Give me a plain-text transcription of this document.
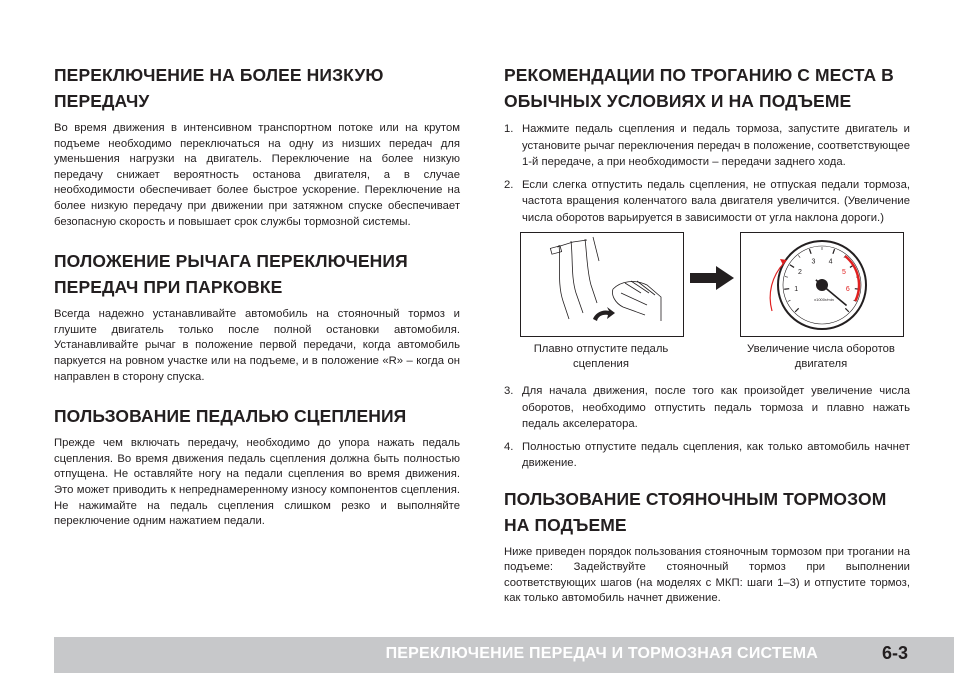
ПЕРЕКЛЮЧЕНИЕ НА БОЛЕЕ НИЗКУЮ ПЕРЕДАЧУ

Во время движения в интенсивном транспортном потоке или на крутом подъеме необходимо переключаться на одну из низших передач для уменьшения нагрузки на двигатель. Переключение на более низкую передачу снижает вероятность останова двигателя, а в случае необходимости обеспечивает более быстрое ускорение. Переключение на более низкую передачу при движении при затяжном спуске обеспечивает безопасную скорость и повышает срок службы тормозной системы.

ПОЛОЖЕНИЕ РЫЧАГА ПЕРЕКЛЮЧЕНИЯ ПЕРЕДАЧ ПРИ ПАРКОВКЕ

Всегда надежно устанавливайте автомобиль на стояночный тормоз и глушите двигатель только после полной остановки автомобиля. Устанавливайте рычаг в положение первой передачи, когда автомобиль паркуется на ровном участке или на подъеме, и в положение «R» – когда он направлен в сторону спуска.

ПОЛЬЗОВАНИЕ ПЕДАЛЬЮ СЦЕПЛЕНИЯ

Прежде чем включать передачу, необходимо до упора нажать педаль сцепления. Во время движения педаль сцепления должна быть полностью отпущена. Не оставляйте ногу на педали сцепления во время движения. Это может приводить к непреднамеренному износу компонентов сцепления. Не нажимайте на педаль сцепления слишком резко и выполняйте переключение одним нажатием педали.

РЕКОМЕНДАЦИИ ПО ТРОГАНИЮ С МЕСТА В ОБЫЧНЫХ УСЛОВИЯХ И НА ПОДЪЕМЕ
1. Нажмите педаль сцепления и педаль тормоза, запустите двигатель и установите рычаг переключения передач в положение, соответствующее 1-й передаче, а при необходимости – передачи заднего хода.
2. Если слегка отпустить педаль сцепления, не отпуская педали тормоза, частота вращения коленчатого вала двигателя увеличится. (Увеличение числа оборотов варьируется в зависимости от угла наклона дороги.)
1
2
3 4
5
6
x1000r/min
Плавно отпустите педаль сцепления
Увеличение числа оборотов двигателя
3. Для начала движения, после того как произойдет увеличение числа оборотов, необходимо отпустить педаль тормоза и плавно нажать педаль акселератора.
4. Полностью отпустите педаль сцепления, как только автомобиль начнет движение.
ПОЛЬЗОВАНИЕ СТОЯНОЧНЫМ ТОРМОЗОМ НА ПОДЪЕМЕ

Ниже приведен порядок пользования стояночным тормозом при трогании на подъеме: Задействуйте стояночный тормоз при выполнении соответствующих шагов (на моделях с МКП: шаги 1–3) и отпустите тормоз, как только автомобиль начнет движение.

ПЕРЕКЛЮЧЕНИЕ ПЕРЕДАЧ И ТОРМОЗНАЯ СИСТЕМА	6-3
